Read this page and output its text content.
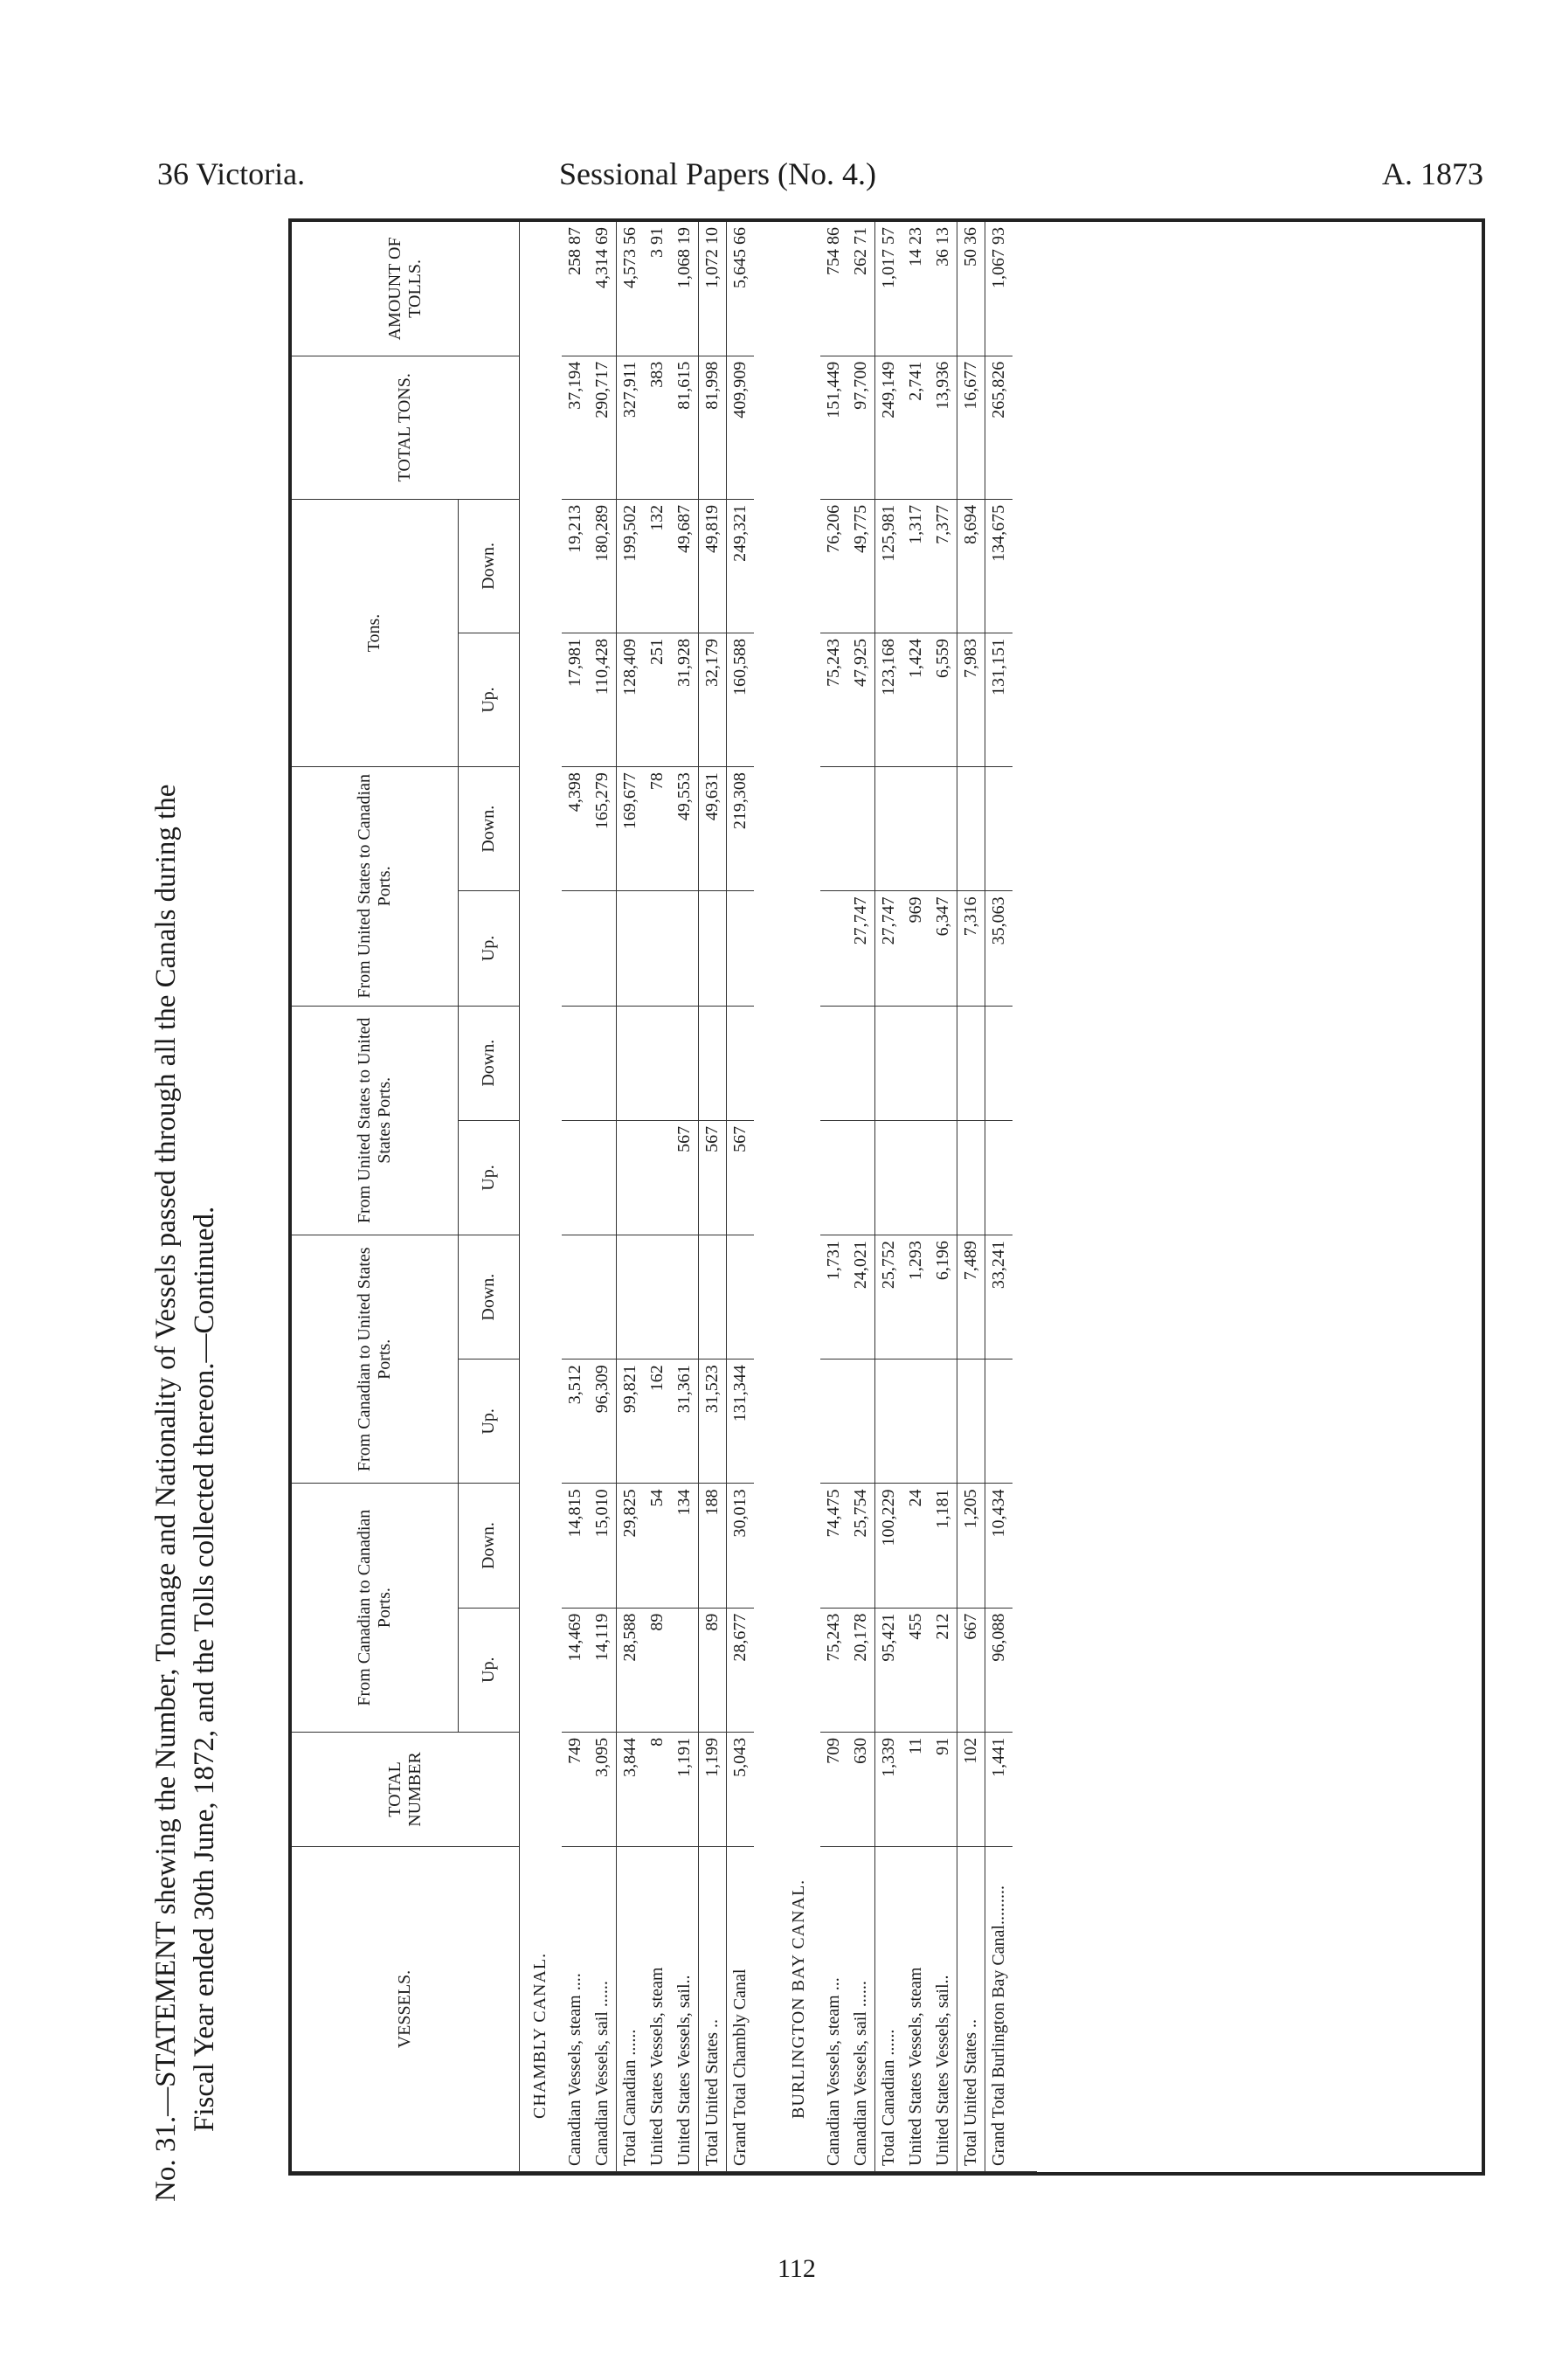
36 Victoria.	Sessional Papers (No. 4.)	A. 1873
No. 31.—STATEMENT shewing the Number, Tonnage and Nationality of Vessels passed through all the Canals during the Fiscal Year ended 30th June, 1872, and the Tolls collected thereon.—Continued.	VESSELS.	TOTAL NUMBER	From Canadian to Canadian Ports.		From Canadian to United States Ports.		From United States to United States Ports.		From United States to Canadian Ports.		Tons.		TOTAL TONS.	AMOUNT OF TOLLS.
		Up.	Down.	Up.	Down.	Up.	Down.	Up.	Down.	Up.	Down.		
CHAMBLY CANAL.													
Canadian Vessels, steam ....	749	14,469	14,815	3,512					4,398	17,981	19,213	37,194	258 87
Canadian Vessels, sail ......	3,095	14,119	15,010	96,309					165,279	110,428	180,289	290,717	4,314 69
Total Canadian ......	3,844	28,588	29,825	99,821					169,677	128,409	199,502	327,911	4,573 56
United States Vessels, steam	8	89	54	162					78	251	132	383	3 91
United States Vessels, sail..	1,191		134	31,361		567			49,553	31,928	49,687	81,615	1,068 19
Total United States ..	1,199	89	188	31,523		567			49,631	32,179	49,819	81,998	1,072 10
Grand Total Chambly Canal	5,043	28,677	30,013	131,344		567			219,308	160,588	249,321	409,909	5,645 66

BURLINGTON BAY CANAL.													
Canadian Vessels, steam ...	709	75,243	74,475		1,731					75,243	76,206	151,449	754 86
Canadian Vessels, sail ......	630	20,178	25,754		24,021			27,747		47,925	49,775	97,700	262 71
Total Canadian ......	1,339	95,421	100,229		25,752			27,747		123,168	125,981	249,149	1,017 57
United States Vessels, steam	11	455	24		1,293			969		1,424	1,317	2,741	14 23
United States Vessels, sail..	91	212	1,181		6,196			6,347		6,559	7,377	13,936	36 13
Total United States ..	102	667	1,205		7,489			7,316		7,983	8,694	16,677	50 36
Grand Total Burlington Bay Canal.........	1,441	96,088	10,434		33,241			35,063		131,151	134,675	265,826	1,067 93

112
